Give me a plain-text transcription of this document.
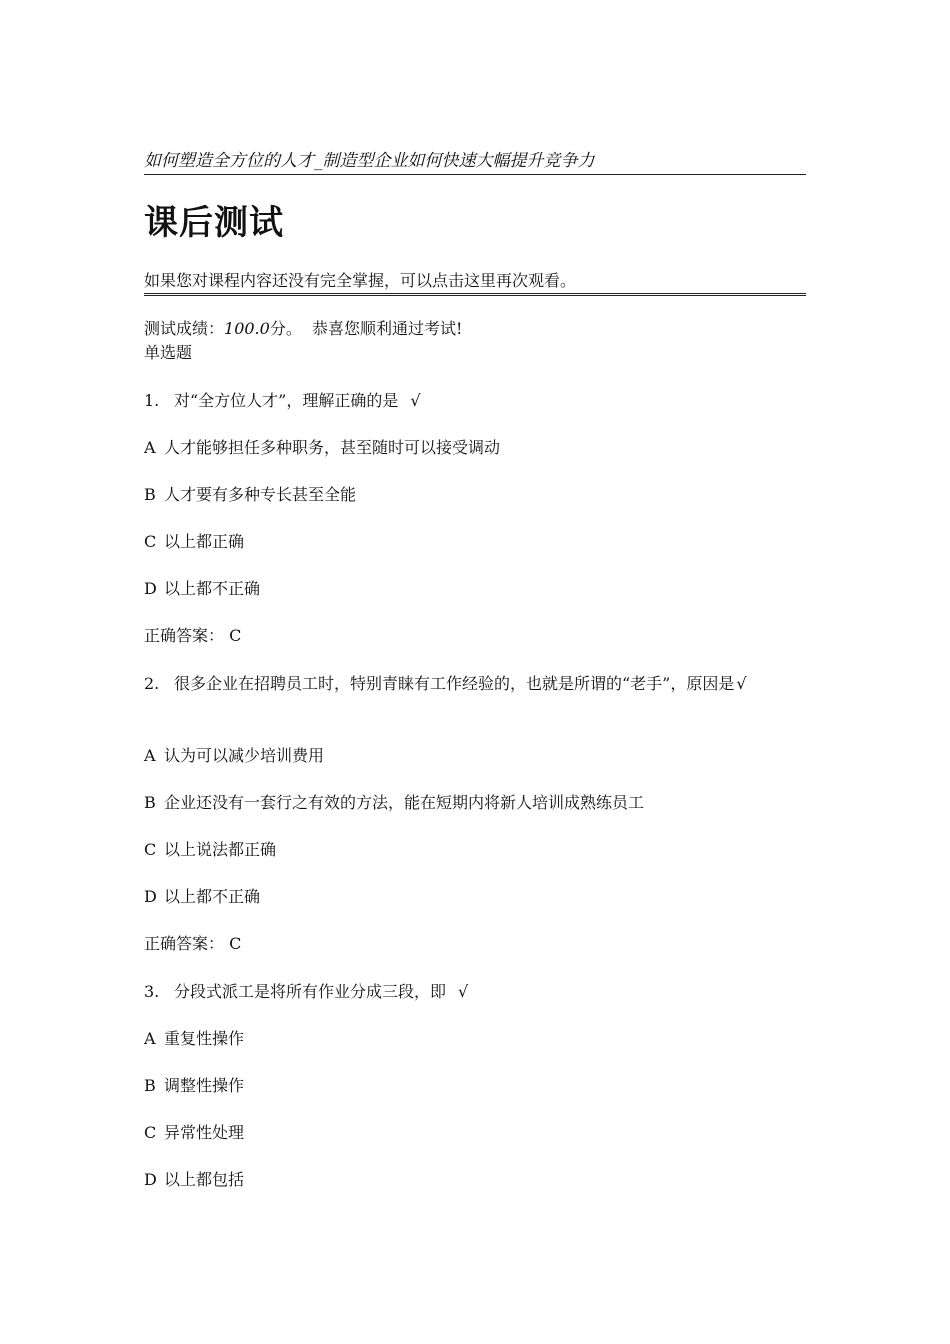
如何塑造全方位的人才_制造型企业如何快速大幅提升竞争力
课后测试
如果您对课程内容还没有完全掌握，可以点击这里再次观看。
测试成绩：100.0分。 恭喜您顺利通过考试!
单选题
1. 对“全方位人才”，理解正确的是 √
A 人才能够担任多种职务，甚至随时可以接受调动
B 人才要有多种专长甚至全能
C 以上都正确
D 以上都不正确
正确答案： C
2. 很多企业在招聘员工时，特别青睐有工作经验的，也就是所谓的“老手”，原因是 √
A 认为可以减少培训费用
B 企业还没有一套行之有效的方法，能在短期内将新人培训成熟练员工
C 以上说法都正确
D 以上都不正确
正确答案： C
3. 分段式派工是将所有作业分成三段，即 √
A 重复性操作
B 调整性操作
C 异常性处理
D 以上都包括
